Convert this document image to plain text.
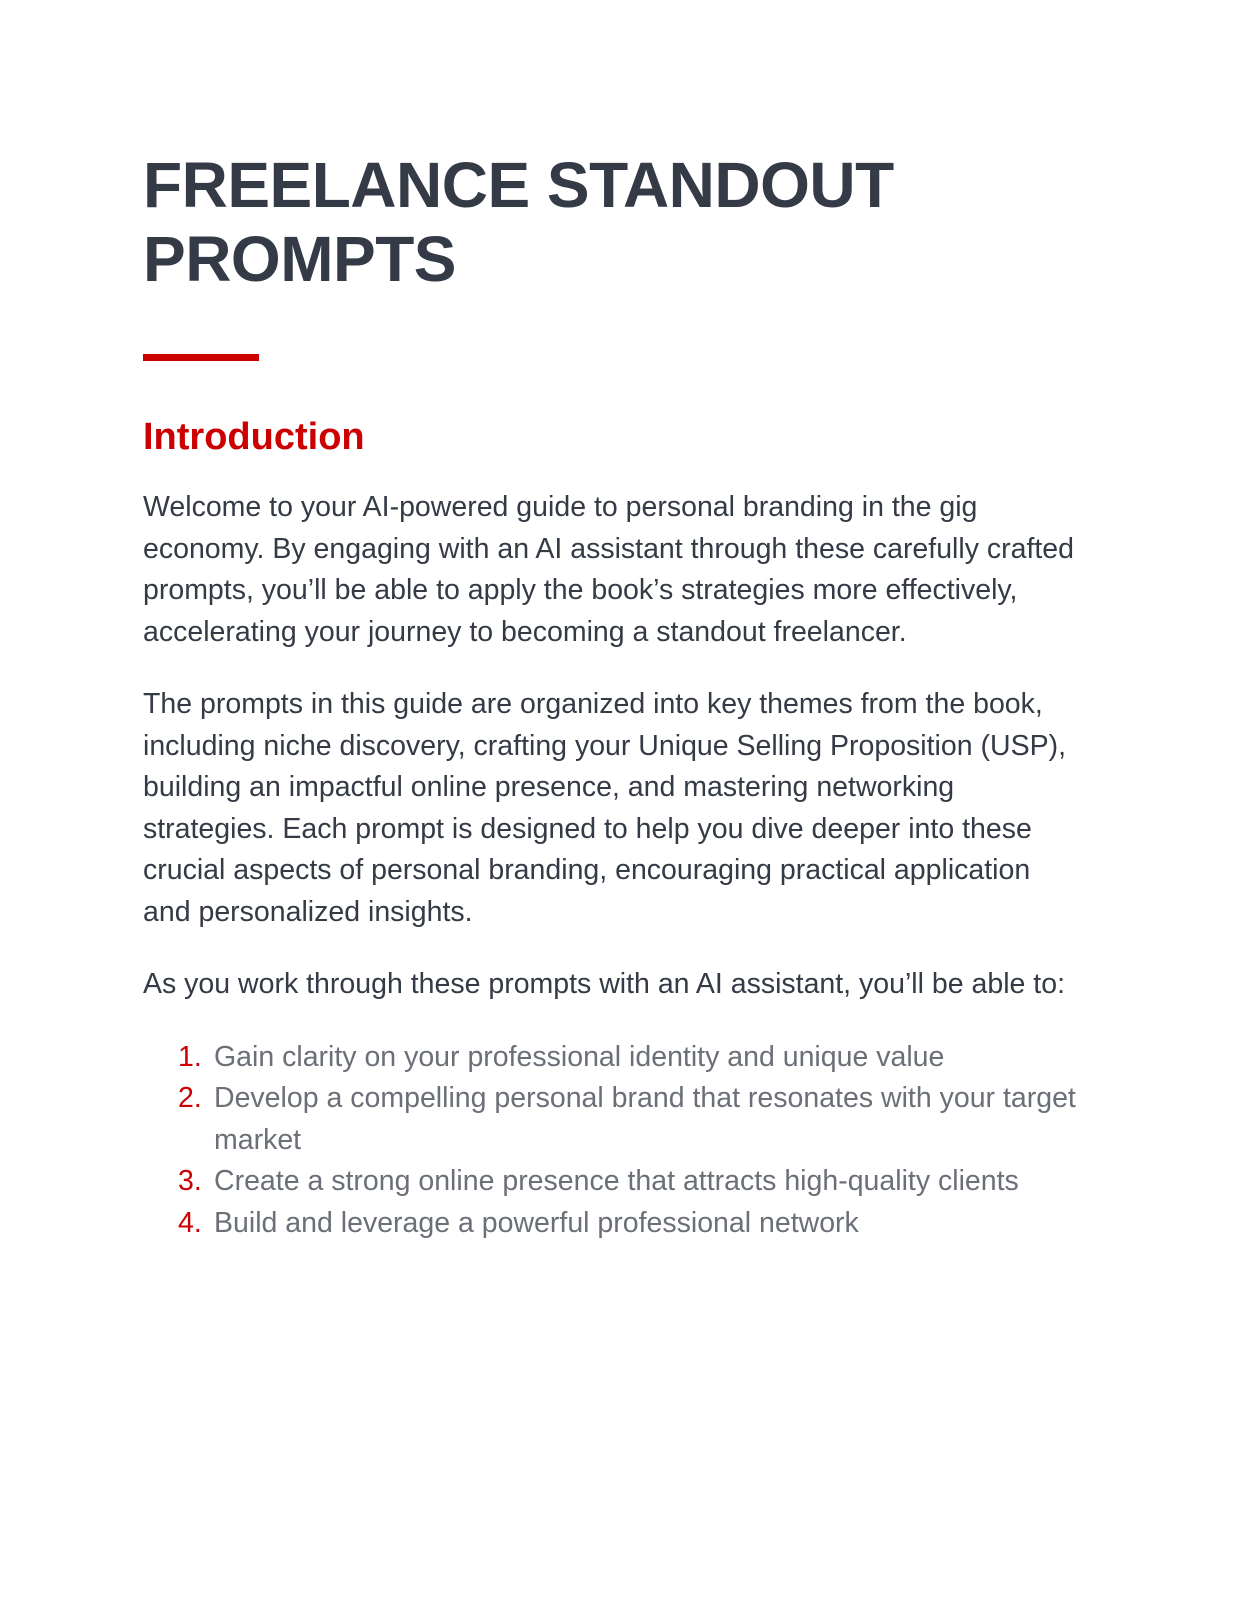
FREELANCE STANDOUT PROMPTS
Introduction

Welcome to your AI-powered guide to personal branding in the gig economy. By engaging with an AI assistant through these carefully crafted prompts, you’ll be able to apply the book’s strategies more effectively, accelerating your journey to becoming a standout freelancer.

The prompts in this guide are organized into key themes from the book, including niche discovery, crafting your Unique Selling Proposition (USP), building an impactful online presence, and mastering networking strategies. Each prompt is designed to help you dive deeper into these crucial aspects of personal branding, encouraging practical application and personalized insights.

As you work through these prompts with an AI assistant, you’ll be able to:

1. Gain clarity on your professional identity and unique value
2. Develop a compelling personal brand that resonates with your target market
3. Create a strong online presence that attracts high-quality clients
4. Build and leverage a powerful professional network
